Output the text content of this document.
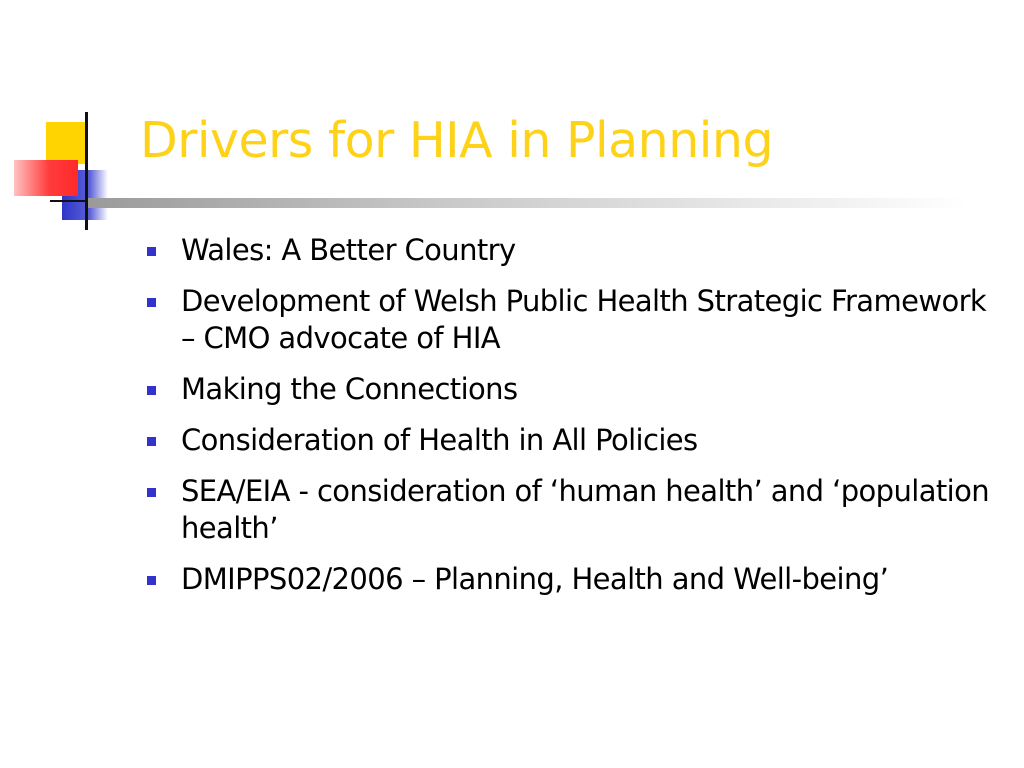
Drivers for HIA in Planning
Wales: A Better Country
Development of Welsh Public Health Strategic Framework – CMO advocate of HIA
Making the Connections
Consideration of Health in All Policies
SEA/EIA - consideration of ‘human health’ and ‘population health’
DMIPPS02/2006 – Planning, Health and Well-being’
